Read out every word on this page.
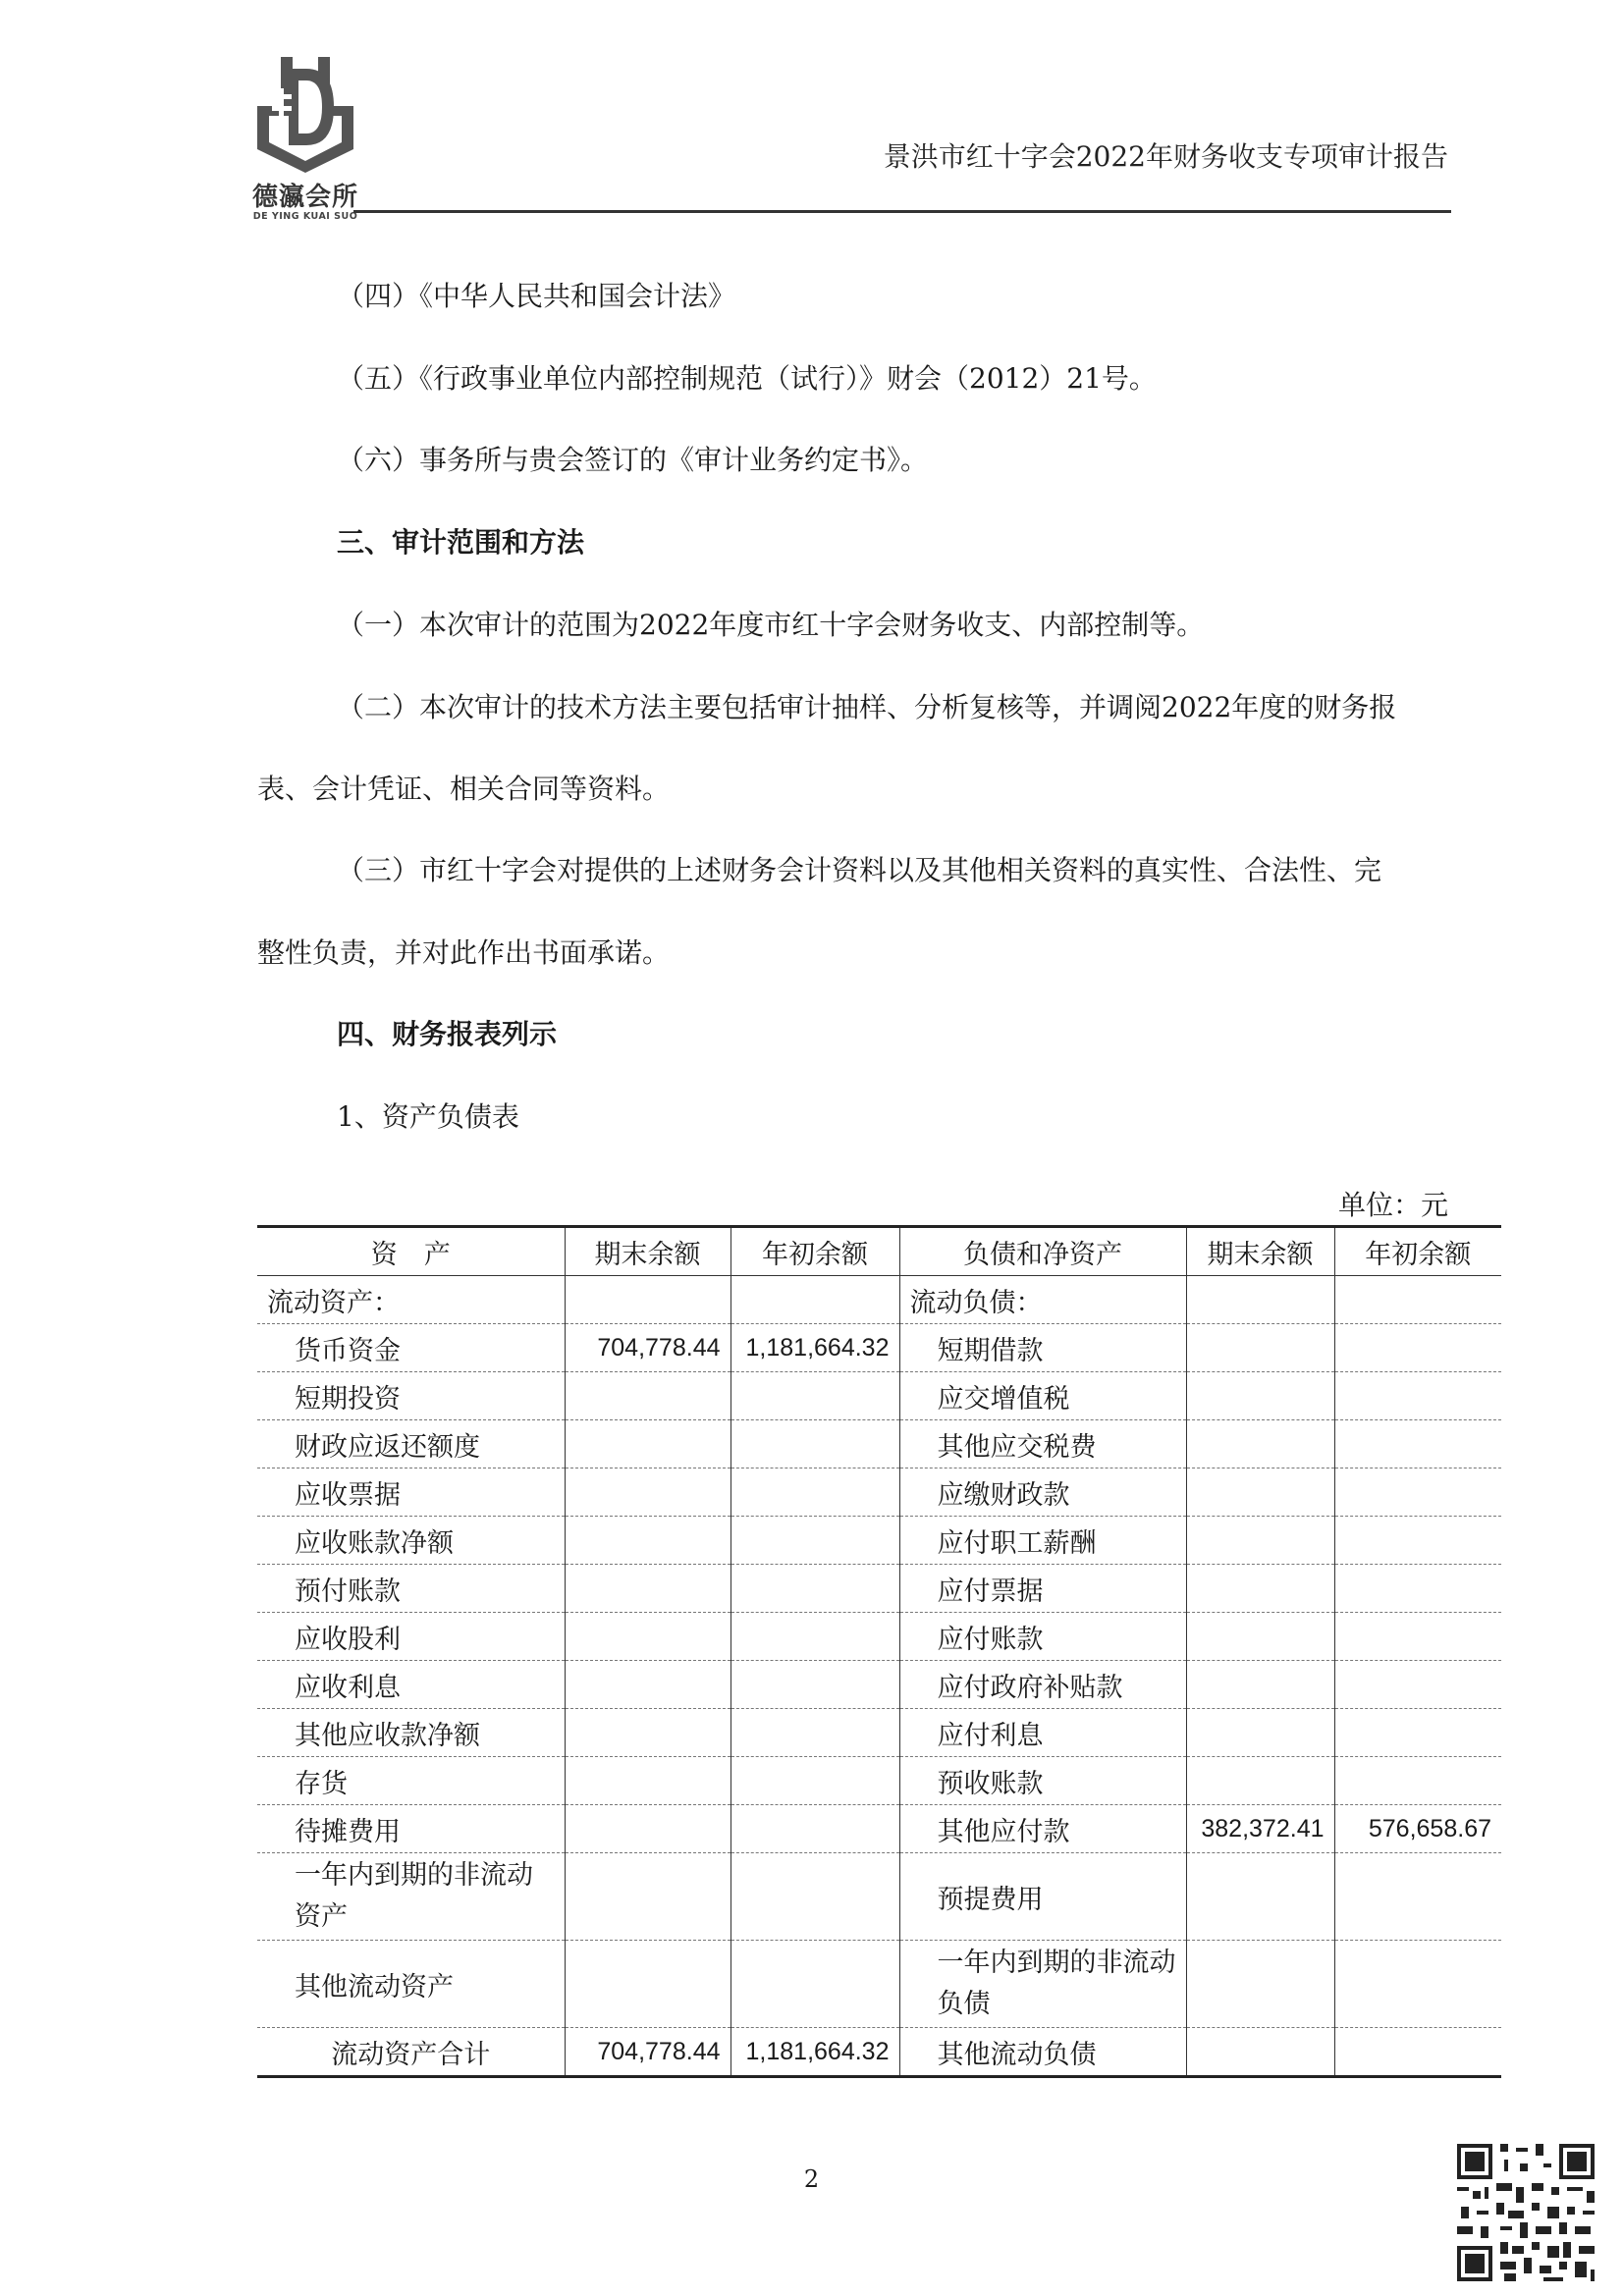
德瀛会所
DE YING KUAI SUO
景洪市红十字会2022年财务收支专项审计报告
（四）《中华人民共和国会计法》
（五）《行政事业单位内部控制规范（试行）》财会（2012）21号。
（六）事务所与贵会签订的《审计业务约定书》。
三、审计范围和方法
（一）本次审计的范围为2022年度市红十字会财务收支、内部控制等。
（二）本次审计的技术方法主要包括审计抽样、分析复核等，并调阅2022年度的财务报
表、会计凭证、相关合同等资料。
（三）市红十字会对提供的上述财务会计资料以及其他相关资料的真实性、合法性、完
整性负责，并对此作出书面承诺。
四、财务报表列示
1、资产负债表
单位：元
资　产	期末余额	年初余额	负债和净资产	期末余额	年初余额
流动资产：			流动负债：		
货币资金	704,778.44	1,181,664.32	短期借款		
短期投资			应交增值税		
财政应返还额度			其他应交税费		
应收票据			应缴财政款		
应收账款净额			应付职工薪酬		
预付账款			应付票据		
应收股利			应付账款		
应收利息			应付政府补贴款		
其他应收款净额			应付利息		
存货			预收账款		
待摊费用			其他应付款	382,372.41	576,658.67
一年内到期的非流动资产			预提费用		
其他流动资产			一年内到期的非流动负债		
流动资产合计	704,778.44	1,181,664.32	其他流动负债		
2
